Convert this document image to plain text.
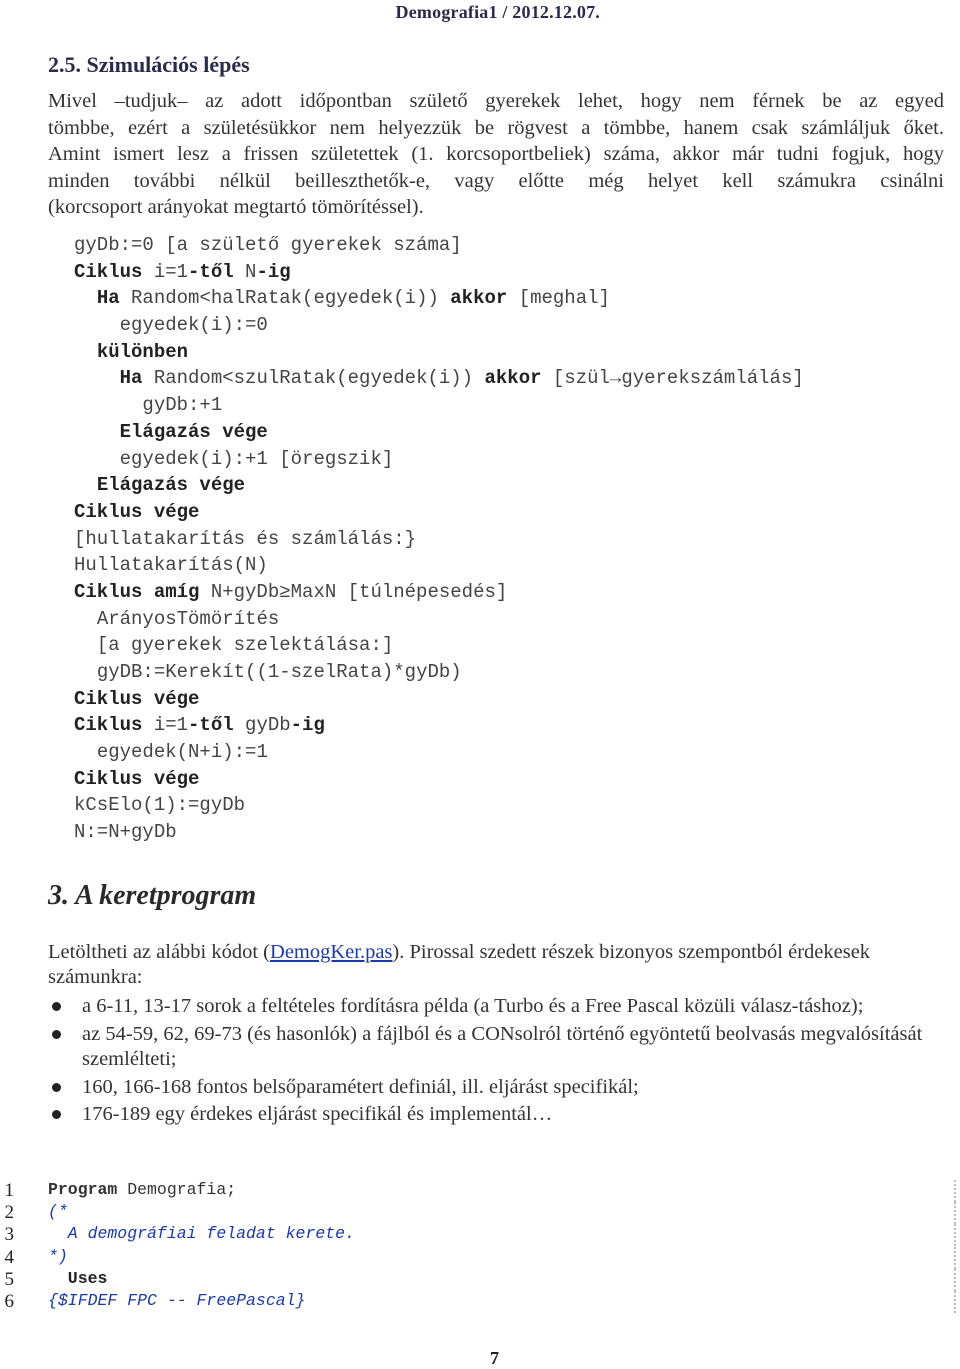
Demografia1 / 2012.12.07.
2.5. Szimulációs lépés
Mivel –tudjuk– az adott időpontban születő gyerekek lehet, hogy nem férnek be az egyed
tömbbe, ezért a születésükkor nem helyezzük be rögvest a tömbbe, hanem csak számláljuk őket.
Amint ismert lesz a frissen születettek (1. korcsoportbeliek) száma, akkor már tudni fogjuk, hogy
minden további nélkül beilleszthetők-e, vagy előtte még helyet kell számukra csinálni
(korcsoport arányokat megtartó tömörítéssel).
gyDb:=0 [a születő gyerekek száma]
Ciklus i=1-től N-ig
Ha Random<halRatak(egyedek(i)) akkor [meghal]
egyedek(i):=0
különben
Ha Random<szulRatak(egyedek(i)) akkor [szül→gyerekszámlálás]
gyDb:+1
Elágazás vége
egyedek(i):+1 [öregszik]
Elágazás vége
Ciklus vége
[hullatakarítás és számlálás:}
Hullatakarítás(N)
Ciklus amíg N+gyDb≥MaxN [túlnépesedés]
ArányosTömörítés
[a gyerekek szelektálása:]
gyDB:=Kerekít((1-szelRata)*gyDb)
Ciklus vége
Ciklus i=1-től gyDb-ig
egyedek(N+i):=1
Ciklus vége
kCsElo(1):=gyDb
N:=N+gyDb
3. A keretprogram
Letöltheti az alábbi kódot (DemogKer.pas). Pirossal szedett részek bizonyos szempontból érdekesek számunkra:
a 6-11, 13-17 sorok a feltételes fordításra példa (a Turbo és a Free Pascal közüli válasz-táshoz);
az 54-59, 62, 69-73 (és hasonlók) a fájlból és a CONsolról történő egyöntetű beolvasás megvalósítását szemlélteti;
160, 166-168 fontos belsőparamétert definiál, ill. eljárást specifikál;
176-189 egy érdekes eljárást specifikál és implementál…
1 Program Demografia;
2 (*
3 A demográfiai feladat kerete.
4 *)
5 Uses
6 {$IFDEF FPC -- FreePascal}
7
